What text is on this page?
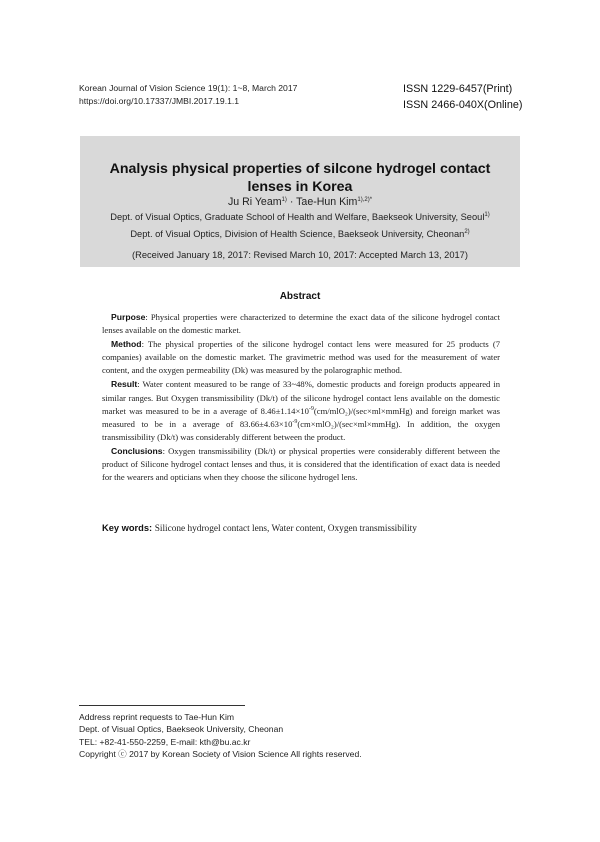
Korean Journal of Vision Science 19(1): 1~8, March 2017
https://doi.org/10.17337/JMBI.2017.19.1.1
ISSN 1229-6457(Print)
ISSN 2466-040X(Online)
Analysis physical properties of silcone hydrogel contact
lenses in Korea
Ju Ri Yeam$^{1)}$ · Tae-Hun Kim$^{1),2)*}$
Dept. of Visual Optics, Graduate School of Health and Welfare, Baekseok University, Seoul$^{1)}$
Dept. of Visual Optics, Division of Health Science, Baekseok University, Cheonan$^{2)}$
(Received January 18, 2017: Revised March 10, 2017: Accepted March 13, 2017)
Abstract

Purpose: Physical properties were characterized to determine the exact data of the silicone hydrogel contact lenses available on the domestic market.

Method: The physical properties of the silicone hydrogel contact lens were measured for 25 products (7 companies) available on the domestic market. The gravimetric method was used for the measurement of water content, and the oxygen permeability (Dk) was measured by the polarographic method.

Result: Water content measured to be range of 33~48%, domestic products and foreign products appeared in similar ranges. But Oxygen transmissibility (Dk/t) of the silicone hydrogel contact lens available on the domestic market was measured to be in a average of $8.46\pm 1.14\times 10^{-9}(cm/mlO_2)/(\sec\times ml\times mmHg)$ and foreign market was measured to be in a average of $83.66\pm 4.63\times 10^{-9}(cm\times mlO_2)/(\sec\times ml\times mmHg)$. In addition, the oxygen transmissibility (Dk/t) was considerably different between the product.

Conclusions: Oxygen transmissibility (Dk/t) or physical properties were considerably different between the product of Silicone hydrogel contact lenses and thus, it is considered that the identification of exact data is needed for the wearers and opticians when they choose the silicone hydrogel lens.

Key words: Silicone hydrogel contact lens, Water content, Oxygen transmissibility
Address reprint requests to Tae-Hun Kim
Dept. of Visual Optics, Baekseok University, Cheonan
TEL: +82-41-550-2259, E-mail: kth@bu.ac.kr
Copyright ⓒ 2017 by Korean Society of Vision Science All rights reserved.
